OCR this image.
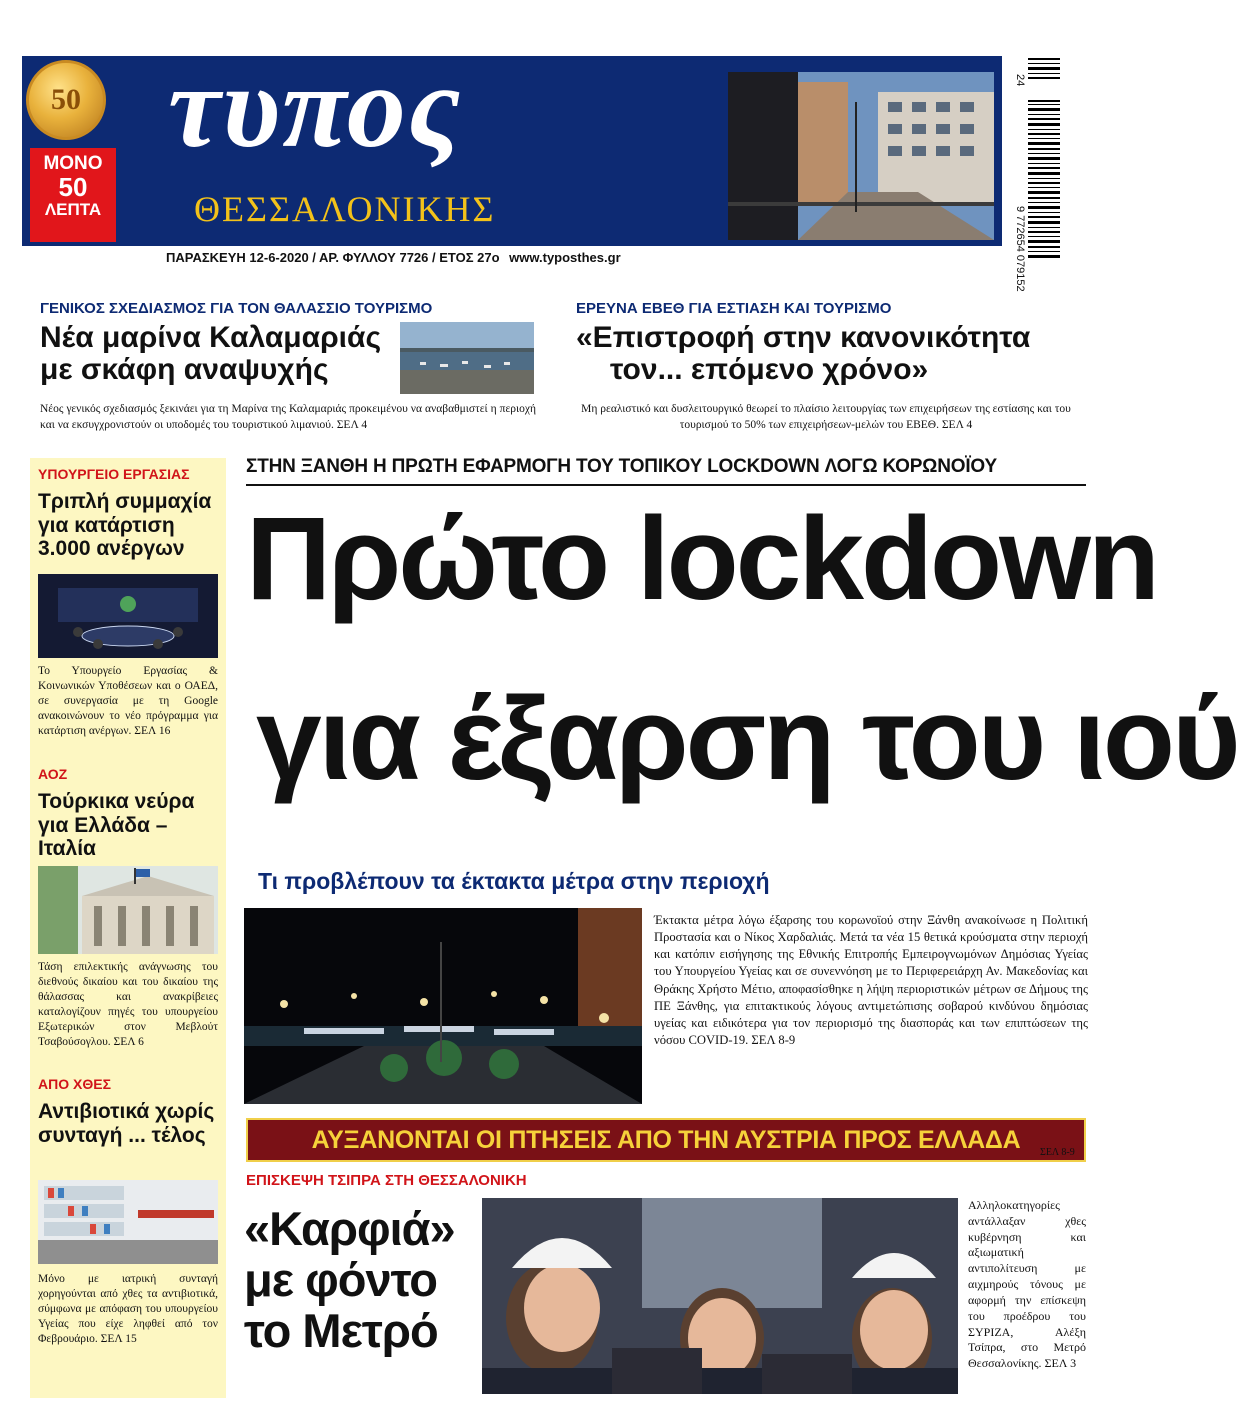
50
ΜΟΝΟ
50
ΛΕΠΤΑ
τυπος
ΘΕΣΣΑΛΟΝΙΚΗΣ	9 772654 079152
24
ΠΑΡΑΣΚΕΥΗ 12-6-2020 / ΑΡ. ΦΥΛΛΟΥ 7726 / ΕΤΟΣ 27ο www.typosthes.gr
ΓΕΝΙΚΟΣ ΣΧΕΔΙΑΣΜΟΣ ΓΙΑ ΤΟΝ ΘΑΛΑΣΣΙΟ ΤΟΥΡΙΣΜΟ
Νέα μαρίνα Καλαμαριάς
με σκάφη αναψυχής
Νέος γενικός σχεδιασμός ξεκινάει για τη Μαρίνα της Καλαμαριάς προκειμένου να αναβαθμιστεί η περιοχή και να εκσυγχρονιστούν οι υποδομές του τουριστικού λιμανιού. ΣΕΛ 4
ΕΡΕΥΝΑ ΕΒΕΘ ΓΙΑ ΕΣΤΙΑΣΗ ΚΑΙ ΤΟΥΡΙΣΜΟ
«Επιστροφή στην κανονικότητα
τον... επόμενο χρόνο»
Μη ρεαλιστικό και δυσλειτουργικό θεωρεί το πλαίσιο λειτουργίας των επιχειρήσεων της εστίασης και του τουρισμού το 50% των επιχειρήσεων-μελών του ΕΒΕΘ. ΣΕΛ 4
ΥΠΟΥΡΓΕΙΟ ΕΡΓΑΣΙΑΣ
Τριπλή συμμαχία για κατάρτιση 3.000 ανέργων
Το Υπουργείο Εργασίας & Κοινωνικών Υποθέσεων και ο ΟΑΕΔ, σε συνεργασία με τη Google ανακοινώνουν το νέο πρόγραμμα για κατάρτιση ανέργων. ΣΕΛ 16
ΑΟΖ
Τούρκικα νεύρα για Ελλάδα – Ιταλία
Τάση επιλεκτικής ανάγνωσης του διεθνούς δικαίου και του δικαίου της θάλασσας και ανακρίβειες καταλογίζουν πηγές του υπουργείου Εξωτερικών στον Μεβλούτ Τσαβούσογλου. ΣΕΛ 6
ΑΠΟ ΧΘΕΣ
Αντιβιοτικά χωρίς συνταγή ... τέλος
Μόνο με ιατρική συνταγή χορηγούνται από χθες τα αντιβιοτικά, σύμφωνα με απόφαση του υπουργείου Υγείας που είχε ληφθεί από τον Φεβρουάριο. ΣΕΛ 15
ΣΤΗΝ ΞΑΝΘΗ Η ΠΡΩΤΗ ΕΦΑΡΜΟΓΗ ΤΟΥ ΤΟΠΙΚΟΥ LOCKDOWN ΛΟΓΩ ΚΟΡΩΝΟΪΟΥ
Πρώτο lockdown
για έξαρση του ιού
Τι προβλέπουν τα έκτακτα μέτρα στην περιοχή
Έκτακτα μέτρα λόγω έξαρσης του κορωνοϊού στην Ξάνθη ανακοίνωσε η Πολιτική Προστασία και ο Νίκος Χαρδαλιάς. Μετά τα νέα 15 θετικά κρούσματα στην περιοχή και κατόπιν εισήγησης της Εθνικής Επιτροπής Εμπειρογνωμόνων Δημόσιας Υγείας του Υπουργείου Υγείας και σε συνεννόηση με το Περιφερειάρχη Αν. Μακεδονίας και Θράκης Χρήστο Μέτιο, αποφασίσθηκε η λήψη περιοριστικών μέτρων σε Δήμους της ΠΕ Ξάνθης, για επιτακτικούς λόγους αντιμετώπισης σοβαρού κινδύνου δημόσιας υγείας και ειδικότερα για τον περιορισμό της διασποράς και των επιπτώσεων της νόσου COVID-19. ΣΕΛ 8-9
ΑΥΞΑΝΟΝΤΑΙ ΟΙ ΠΤΗΣΕΙΣ ΑΠΟ ΤΗΝ ΑΥΣΤΡΙΑ ΠΡΟΣ ΕΛΛΑΔΑ ΣΕΛ 8-9
ΕΠΙΣΚΕΨΗ ΤΣΙΠΡΑ ΣΤΗ ΘΕΣΣΑΛΟΝΙΚΗ
«Καρφιά»
με φόντο
το Μετρό
Αλληλοκατηγορίες αντάλλαξαν χθες κυβέρνηση και αξιωματική αντιπολίτευση με αιχμηρούς τόνους με αφορμή την επίσκεψη του προέδρου του ΣΥΡΙΖΑ, Αλέξη Τσίπρα, στο Μετρό Θεσσαλονίκης. ΣΕΛ 3
